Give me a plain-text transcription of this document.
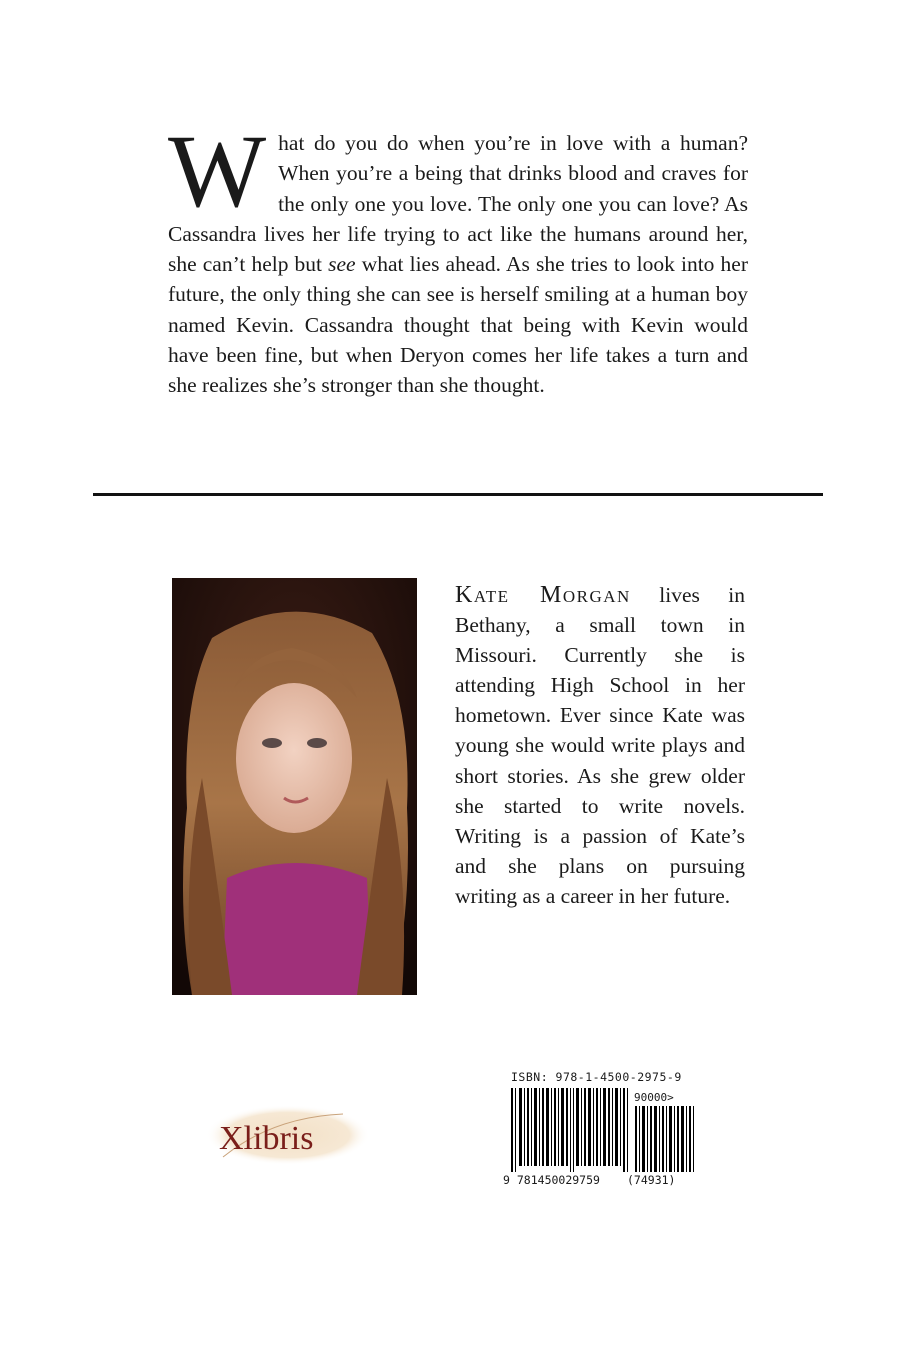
What do you do when you’re in love with a human? When you’re a being that drinks blood and craves for the only one you love. The only one you can love? As Cassandra lives her life trying to act like the humans around her, she can’t help but see what lies ahead. As she tries to look into her future, the only thing she can see is herself smiling at a human boy named Kevin. Cassandra thought that being with Kevin would have been fine, but when Deryon comes her life takes a turn and she realizes she’s stronger than she thought.
Kate Morgan lives in Bethany, a small town in Missouri. Currently she is attending High School in her hometown. Ever since Kate was young she would write plays and short stories. As she grew older she started to write novels. Writing is a passion of Kate’s and she plans on pursuing writing as a career in her future.
Xlibris
ISBN: 978-1-4500-2975-9
90000>
9 781450029759 (74931)
